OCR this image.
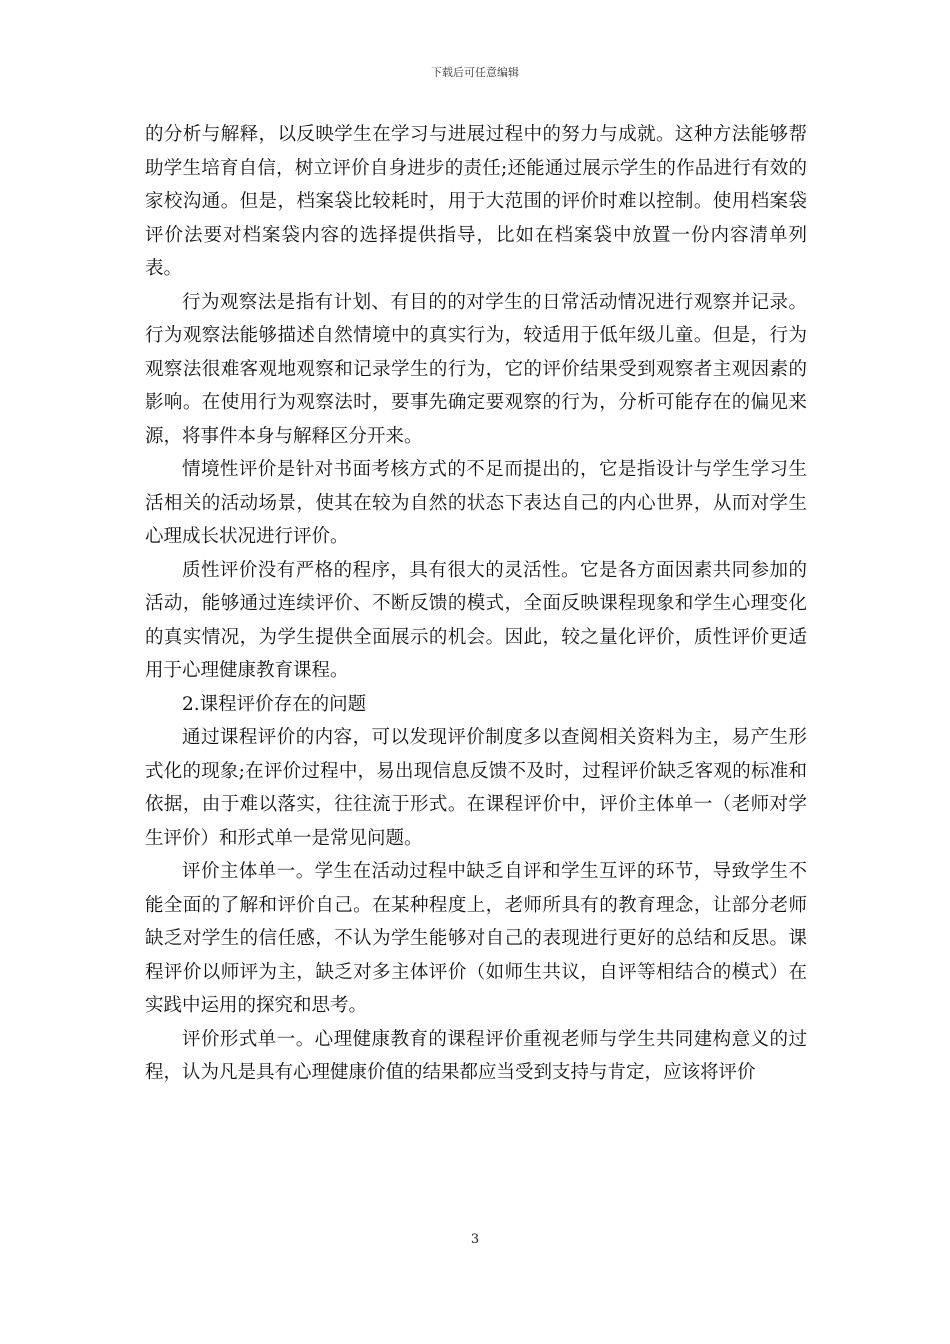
下载后可任意编辑

的分析与解释，以反映学生在学习与进展过程中的努力与成就。这种方法能够帮助学生培育自信，树立评价自身进步的责任;还能通过展示学生的作品进行有效的家校沟通。但是，档案袋比较耗时，用于大范围的评价时难以控制。使用档案袋评价法要对档案袋内容的选择提供指导，比如在档案袋中放置一份内容清单列表。

行为观察法是指有计划、有目的的对学生的日常活动情况进行观察并记录。行为观察法能够描述自然情境中的真实行为，较适用于低年级儿童。但是，行为观察法很难客观地观察和记录学生的行为，它的评价结果受到观察者主观因素的影响。在使用行为观察法时，要事先确定要观察的行为，分析可能存在的偏见来源，将事件本身与解释区分开来。

情境性评价是针对书面考核方式的不足而提出的，它是指设计与学生学习生活相关的活动场景，使其在较为自然的状态下表达自己的内心世界，从而对学生心理成长状况进行评价。

质性评价没有严格的程序，具有很大的灵活性。它是各方面因素共同参加的活动，能够通过连续评价、不断反馈的模式，全面反映课程现象和学生心理变化的真实情况，为学生提供全面展示的机会。因此，较之量化评价，质性评价更适用于心理健康教育课程。

2.课程评价存在的问题

通过课程评价的内容，可以发现评价制度多以查阅相关资料为主，易产生形式化的现象;在评价过程中，易出现信息反馈不及时，过程评价缺乏客观的标准和依据，由于难以落实，往往流于形式。在课程评价中，评价主体单一（老师对学生评价）和形式单一是常见问题。

评价主体单一。学生在活动过程中缺乏自评和学生互评的环节，导致学生不能全面的了解和评价自己。在某种程度上，老师所具有的教育理念，让部分老师缺乏对学生的信任感，不认为学生能够对自己的表现进行更好的总结和反思。课程评价以师评为主，缺乏对多主体评价（如师生共议，自评等相结合的模式）在实践中运用的探究和思考。

评价形式单一。心理健康教育的课程评价重视老师与学生共同建构意义的过程，认为凡是具有心理健康价值的结果都应当受到支持与肯定，应该将评价

3
